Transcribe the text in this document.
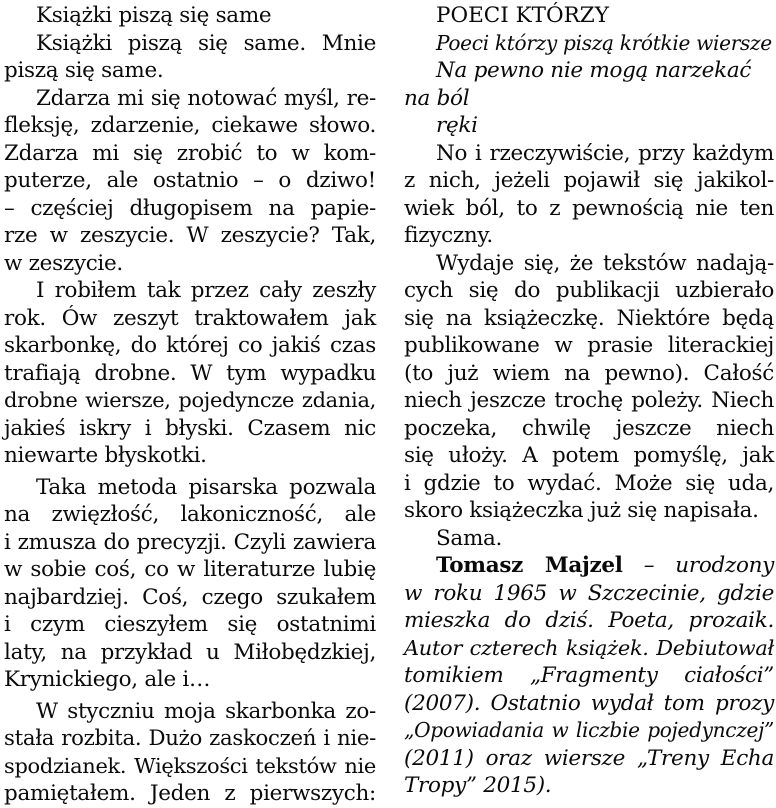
Książki piszą się same
Książki piszą się same. Mnie
piszą się same.
Zdarza mi się notować myśl, re-
fleksję, zdarzenie, ciekawe słowo.
Zdarza mi się zrobić to w kom-
puterze, ale ostatnio – o dziwo!
– częściej długopisem na papie-
rze w zeszycie. W zeszycie? Tak,
w zeszycie.
I robiłem tak przez cały zeszły
rok. Ów zeszyt traktowałem jak
skarbonkę, do której co jakiś czas
trafiają drobne. W tym wypadku
drobne wiersze, pojedyncze zdania,
jakieś iskry i błyski. Czasem nic
niewarte błyskotki.
Taka metoda pisarska pozwala
na zwięzłość, lakoniczność, ale
i zmusza do precyzji. Czyli zawiera
w sobie coś, co w literaturze lubię
najbardziej. Coś, czego szukałem
i czym cieszyłem się ostatnimi
laty, na przykład u Miłobędzkiej,
Krynickiego, ale i…
W styczniu moja skarbonka zo-
stała rozbita. Dużo zaskoczeń i nie-
spodzianek. Większości tekstów nie
pamiętałem. Jeden z pierwszych:
POECI KTÓRZY
Poeci którzy piszą krótkie wiersze
Na pewno nie mogą narzekać
na ból
ręki
No i rzeczywiście, przy każdym
z nich, jeżeli pojawił się jakikol-
wiek ból, to z pewnością nie ten
fizyczny.
Wydaje się, że tekstów nadają-
cych się do publikacji uzbierało
się na książeczkę. Niektóre będą
publikowane w prasie literackiej
(to już wiem na pewno). Całość
niech jeszcze trochę poleży. Niech
poczeka, chwilę jeszcze niech
się ułoży. A potem pomyślę, jak
i gdzie to wydać. Może się uda,
skoro książeczka już się napisała.
Sama.
Tomasz Majzel – urodzony
w roku 1965 w Szczecinie, gdzie
mieszka do dziś. Poeta, prozaik.
Autor czterech książek. Debiutował
tomikiem „Fragmenty ciałości”
(2007). Ostatnio wydał tom prozy
„Opowiadania w liczbie pojedynczej”
(2011) oraz wiersze „Treny Echa
Tropy” 2015).
